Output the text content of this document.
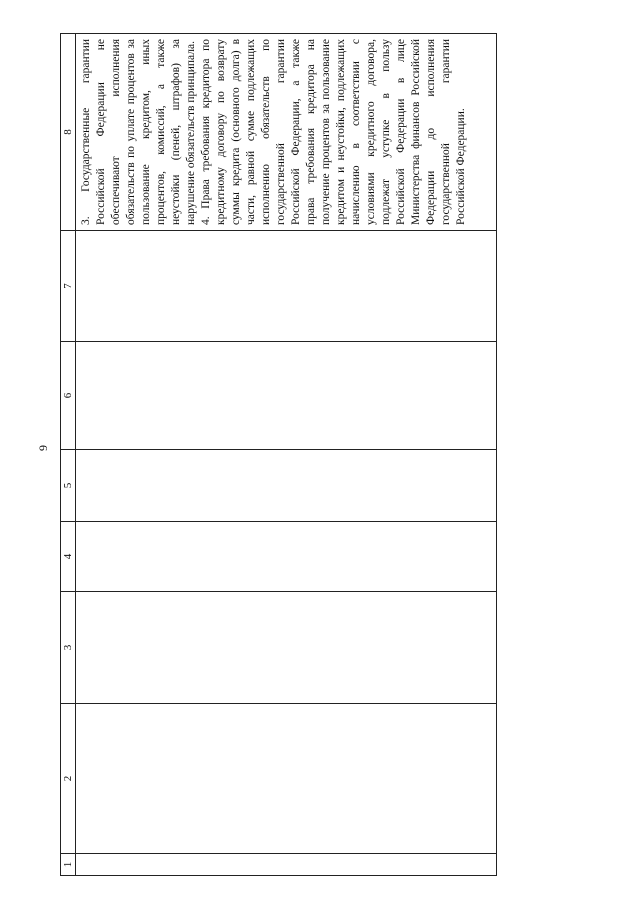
9
1	2	3	4	5	6	7	8

							3. Государственные гарантии Российской Федерации не обеспечивают исполнения обязательств по уплате процентов за пользование кредитом, иных процентов, комиссий, а также неустойки (пеней, штрафов) за нарушение обязательств принципала. 4. Права требования кредитора по кредитному договору по возврату суммы кредита (основного долга) в части, равной сумме подлежащих исполнению обязательств по государственной гарантии Российской Федерации, а также права требования кредитора на получение процентов за пользование кредитом и неустойки, подлежащих начислению в соответствии с условиями кредитного договора, подлежат уступке в пользу Российской Федерации в лице Министерства финансов Российской Федерации до исполнения государственной гарантии Российской Федерации.
